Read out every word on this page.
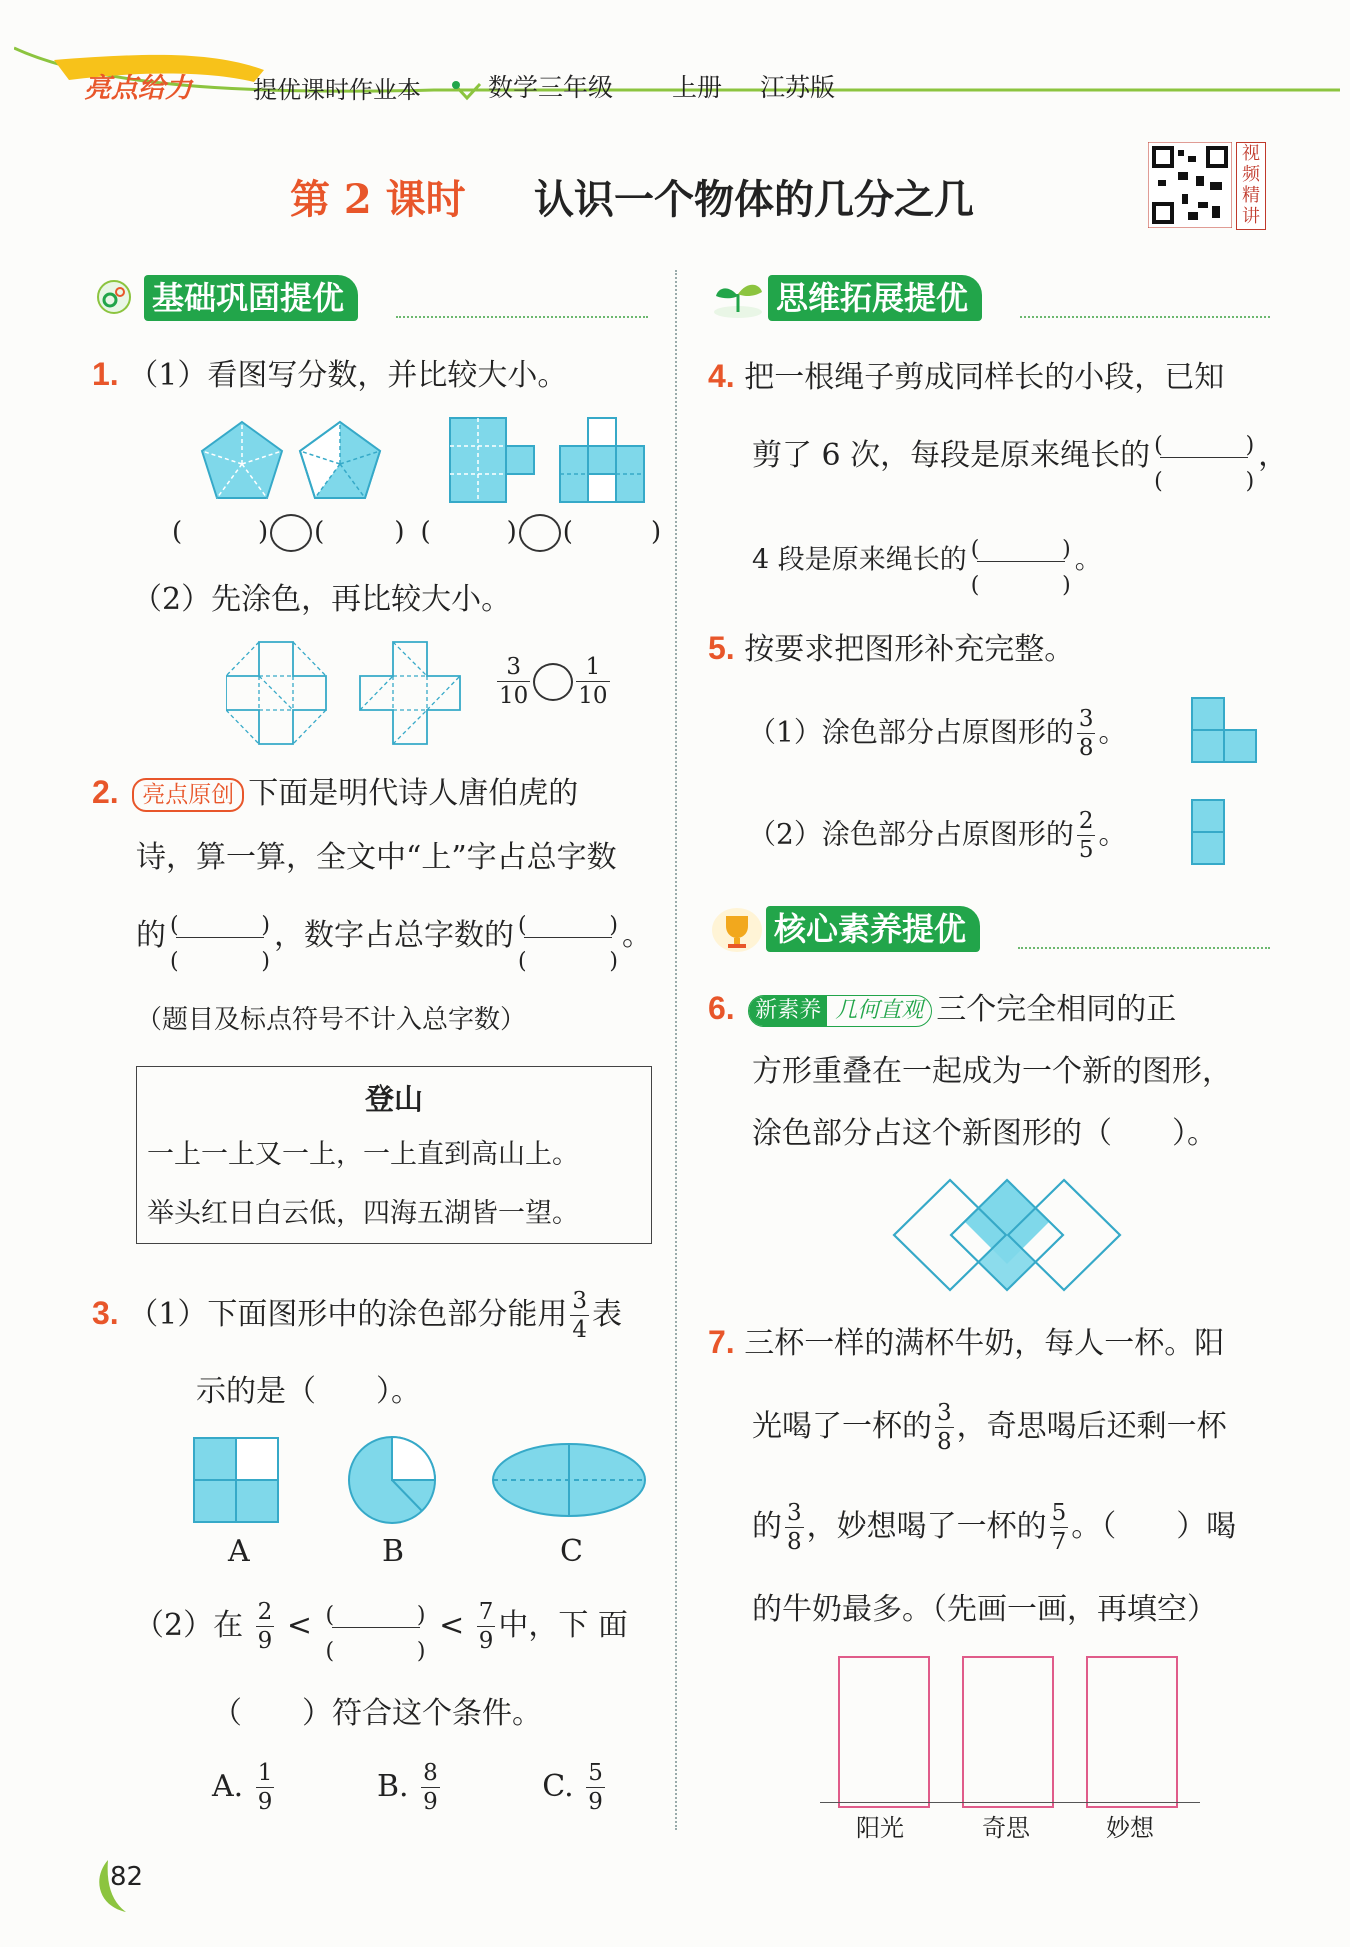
亮点给力	提优课时作业本	数学三年级 上册 江苏版
第 2 课时 认识一个物体的几分之几
视频精讲
基础巩固提优
1. （1）看图写分数，并比较大小。
(	) (	) (	) (	)
（2）先涂色，再比较大小。
$\frac{3}{10} \frac{1}{10}$
2. 亮点原创 下面是明代诗人唐伯虎的
诗，算一算，全文中“上”字占总字数
的 (	)
(	)
，数字占总字数的 (	)
(	)
。
（题目及标点符号不计入总字数）
登山
一上一上又一上，一上直到高山上。
举头红日白云低，四海五湖皆一望。
3. （1）下面图形中的涂色部分能用 $\frac{3}{4}$ 表
示的是（　　）。
A	B	C
（2）在 $\frac{2}{9}$ < (	)
(	)
< $\frac{7}{9}$ 中，下 面
（　　）符合这个条件。
A. $\frac{1}{9}$	B. $\frac{8}{9}$	C. $\frac{5}{9}$
思维拓展提优
4. 把一根绳子剪成同样长的小段，已知
剪了 6 次，每段是原来绳长的 (	)
(	)
，
4 段是原来绳长的 (	)
(	)
。
5. 按要求把图形补充完整。
（1）涂色部分占原图形的 $\frac{3}{8}$ 。
（2）涂色部分占原图形的 $\frac{2}{5}$ 。
核心素养提优
6. 新素养 几何直观 三个完全相同的正
方形重叠在一起成为一个新的图形，
涂色部分占这个新图形的（　　）。
7. 三杯一样的满杯牛奶，每人一杯。阳
光喝了一杯的 $\frac{3}{8}$ ，奇思喝后还剩一杯
的 $\frac{3}{8}$ ，妙想喝了一杯的 $\frac{5}{7}$ 。（　　）喝
的牛奶最多。（先画一画，再填空）
阳光	奇思	妙想
82
